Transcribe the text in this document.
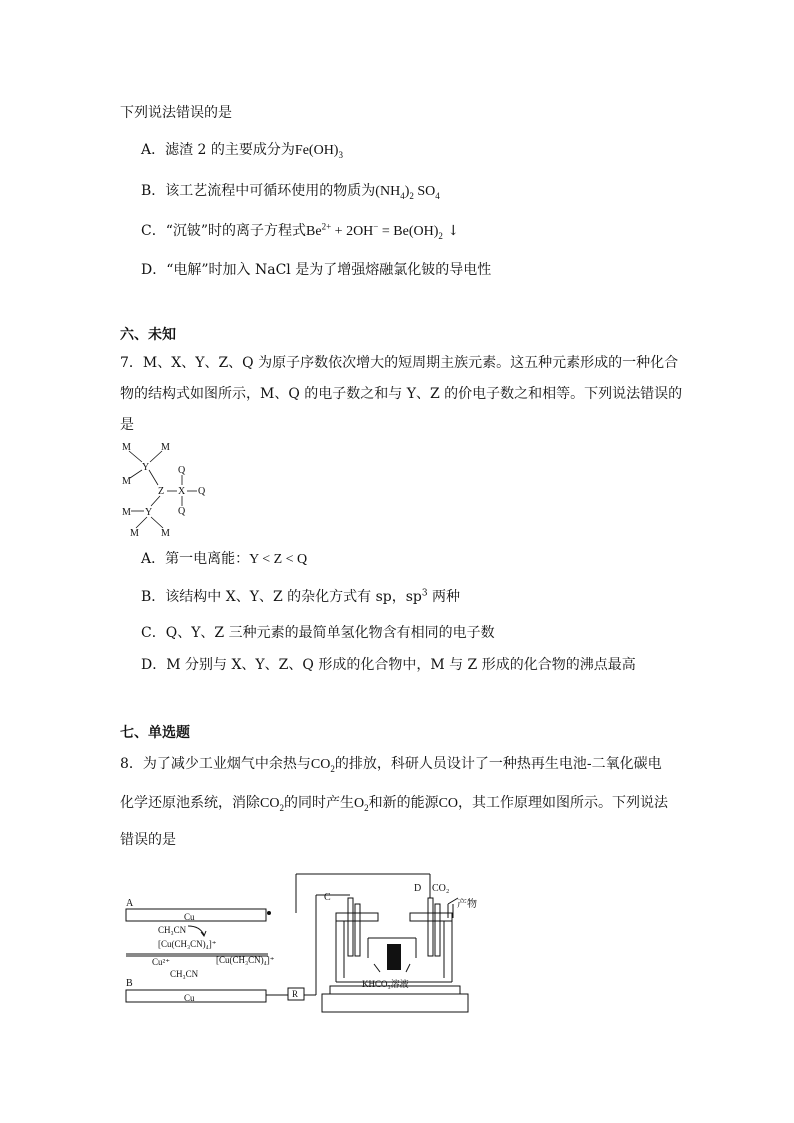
下列说法错误的是
A．滤渣 2 的主要成分为$Fe(OH)_3$
B．该工艺流程中可循环使用的物质为$(NH_4)_2$ $SO_4$
C．“沉铍”时的离子方程式$Be^{2+} + 2OH^- = Be(OH)_2$ ↓
D．“电解”时加入 NaCl 是为了增强熔融氯化铍的导电性
六、未知
7．M、X、Y、Z、Q 为原子序数依次增大的短周期主族元素。这五种元素形成的一种化合
物的结构式如图所示，M、Q 的电子数之和与 Y、Z 的价电子数之和相等。下列说法错误的
是
M	M
Y
M
Q
Z X Q
Q
M Y
M M
A．第一电离能：Y < Z < Q
B．该结构中 X、Y、Z 的杂化方式有 sp，$sp^3$ 两种
C．Q、Y、Z 三种元素的最简单氢化物含有相同的电子数
D．M 分别与 X、Y、Z、Q 形成的化合物中，M 与 Z 形成的化合物的沸点最高
七、单选题
8．为了减少工业烟气中余热与$CO_2$的排放，科研人员设计了一种热再生电池-二氧化碳电
化学还原池系统，消除$CO_2$的同时产生$O_2$和新的能源CO，其工作原理如图所示。下列说法
错误的是
A
B
Cu
Cu
CH₃CN
[Cu(CH₃CN)₄]⁺
Cu²⁺	[Cu(CH₃CN)₄]⁺
CH₃CN
R
C
D CO₂
产物
KHCO₃溶液
